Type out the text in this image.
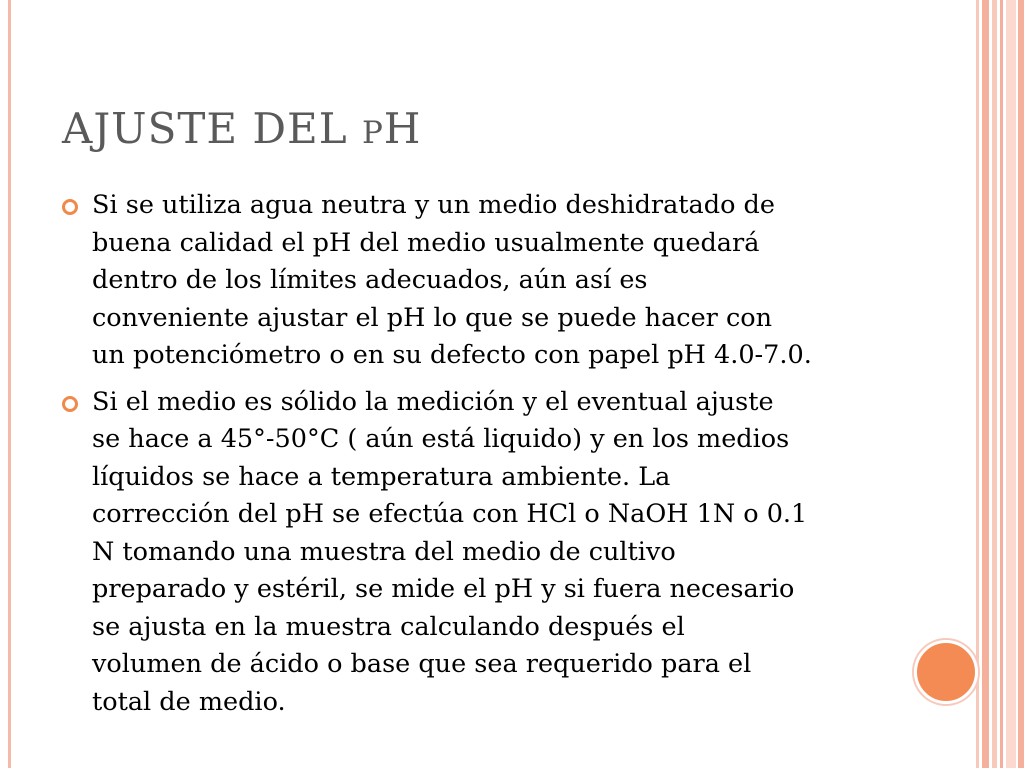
AJUSTE DEL PH
Si se utiliza agua neutra y un medio deshidratado de
buena calidad el pH del medio usualmente quedará
dentro de los límites adecuados, aún así es
conveniente ajustar el pH lo que se puede hacer con
un potenciómetro o en su defecto con papel pH 4.0-7.0.
Si el medio es sólido la medición y el eventual ajuste
se hace a 45°-50°C ( aún está liquido) y en los medios
líquidos se hace a temperatura ambiente. La
corrección del pH se efectúa con HCl o NaOH 1N o 0.1
N tomando una muestra del medio de cultivo
preparado y estéril, se mide el pH y si fuera necesario
se ajusta en la muestra calculando después el
volumen de ácido o base que sea requerido para el
total de medio.
